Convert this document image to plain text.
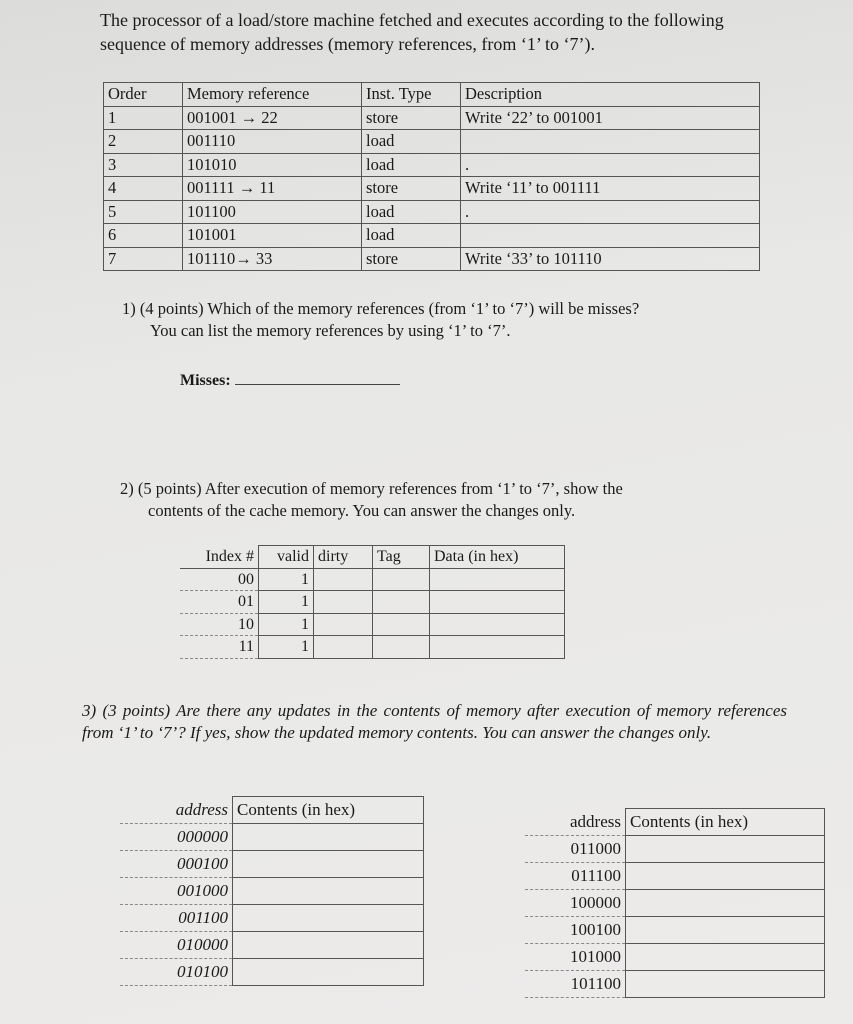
The processor of a load/store machine fetched and executes according to the following sequence of memory addresses (memory references, from ‘1’ to ‘7’).
Order	Memory reference	Inst. Type	Description
1	001001 → 22	store	Write ‘22’ to 001001
2	001110	load	
3	101010	load	.
4	001111 → 11	store	Write ‘11’ to 001111
5	101100	load	.
6	101001	load	
7	101110→ 33	store	Write ‘33’ to 101110
1) (4 points) Which of the memory references (from ‘1’ to ‘7’) will be misses?
You can list the memory references by using ‘1’ to ‘7’.
Misses:
2) (5 points) After execution of memory references from ‘1’ to ‘7’, show the
contents of the cache memory. You can answer the changes only.
Index #	valid	dirty	Tag	Data (in hex)
00	1			
01	1			
10	1			
11	1			
3) (3 points) Are there any updates in the contents of memory after execution of memory references from ‘1’ to ‘7’? If yes, show the updated memory contents. You can answer the changes only.
address	Contents (in hex)
000000	
000100	
001000	
001100	
010000	
010100	
address	Contents (in hex)
011000	
011100	
100000	
100100	
101000	
101100	
